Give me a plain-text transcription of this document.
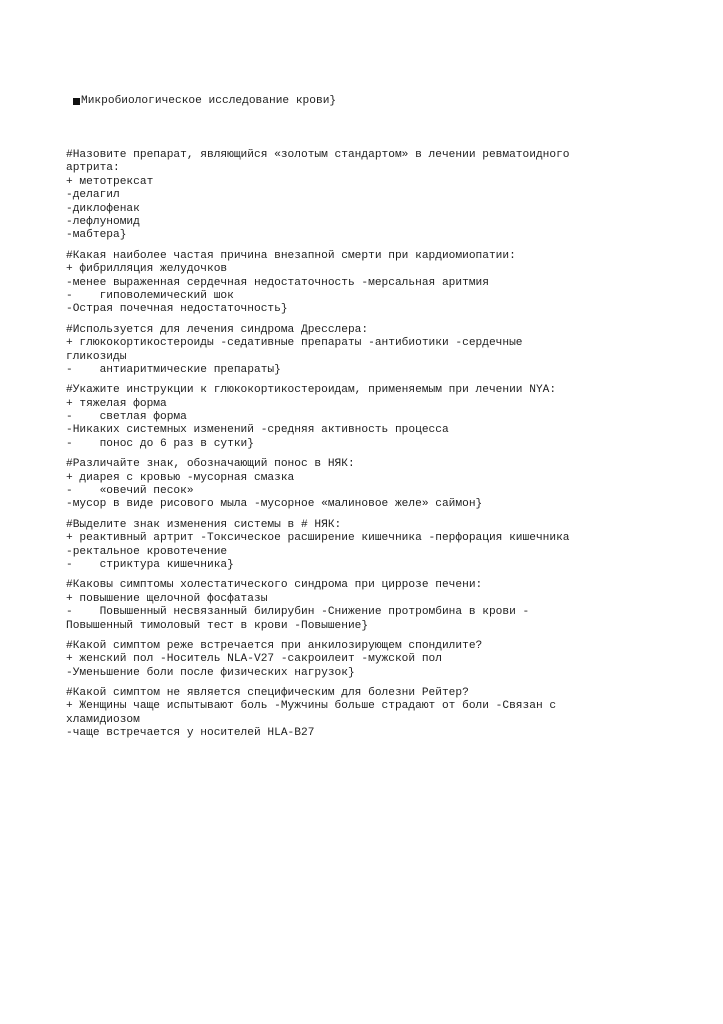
Микробиологическое исследование крови}

#Назовите препарат, являющийся «золотым стандартом» в лечении ревматоидного
артрита:
+ метотрексат
-делагил
-диклофенак
-лефлуномид
-мабтера}
#Какая наиболее частая причина внезапной смерти при кардиомиопатии:
+ фибрилляция желудочков
-менее выраженная сердечная недостаточность -мерсальная аритмия
-    гиповолемический шок
-Острая почечная недостаточность}
#Используется для лечения синдрома Дресслера:
+ глюкокортикостероиды -седативные препараты -антибиотики -сердечные
гликозиды
-    антиаритмические препараты}
#Укажите инструкции к глюкокортикостероидам, применяемым при лечении NYA:
+ тяжелая форма
-    светлая форма
-Никаких системных изменений -средняя активность процесса
-    понос до 6 раз в сутки}
#Различайте знак, обозначающий понос в НЯК:
+ диарея с кровью -мусорная смазка
-    «овечий песок»
-мусор в виде рисового мыла -мусорное «малиновое желе» саймон}
#Выделите знак изменения системы в # НЯК:
+ реактивный артрит -Токсическое расширение кишечника -перфорация кишечника
-ректальное кровотечение
-    стриктура кишечника}
#Каковы симптомы холестатического синдрома при циррозе печени:
+ повышение щелочной фосфатазы
-    Повышенный несвязанный билирубин -Снижение протромбина в крови -
Повышенный тимоловый тест в крови -Повышение}
#Какой симптом реже встречается при анкилозирующем спондилите?
+ женский пол -Носитель NLA-V27 -сакроилеит -мужской пол
-Уменьшение боли после физических нагрузок}
#Какой симптом не является специфическим для болезни Рейтер?
+ Женщины чаще испытывают боль -Мужчины больше страдают от боли -Связан с
хламидиозом
-чаще встречается у носителей HLA-B27
